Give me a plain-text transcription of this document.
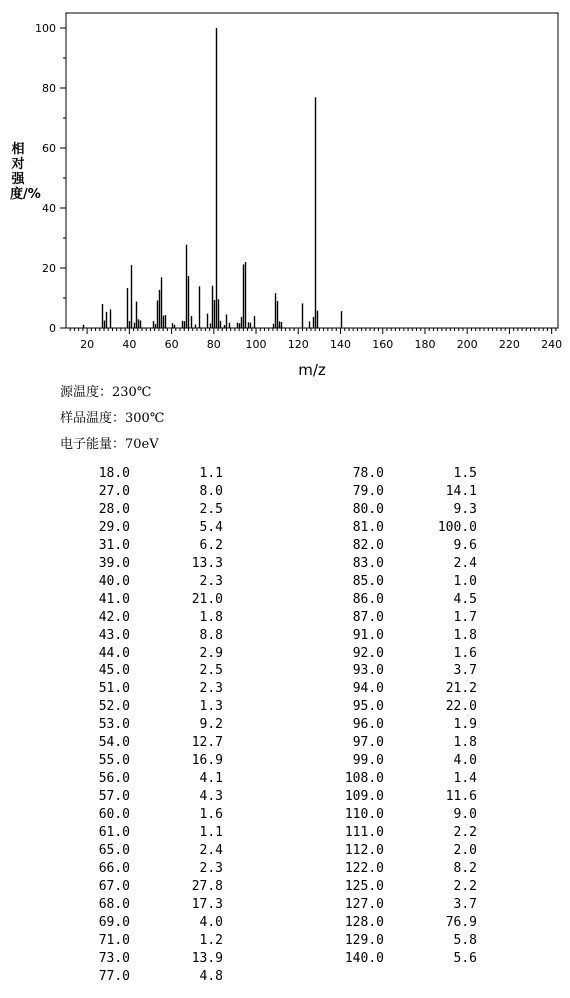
20	40	60	80 100 120 140 160 180 200 220 240
0
20
40
60
80
100
m/z
相对强度/%
源温度：230℃
样品温度：300℃
电子能量：70eV
18.0	1.1
27.0	8.0
28.0	2.5
29.0	5.4
31.0	6.2
39.0	13.3
40.0	2.3
41.0	21.0
42.0	1.8
43.0	8.8
44.0	2.9
45.0	2.5
51.0	2.3
52.0	1.3
53.0	9.2
54.0	12.7
55.0	16.9
56.0	4.1
57.0	4.3
60.0	1.6
61.0	1.1
65.0	2.4
66.0	2.3
67.0	27.8
68.0	17.3
69.0	4.0
71.0	1.2
73.0	13.9
77.0	4.8
78.0	1.5
79.0	14.1
80.0	9.3
81.0	100.0
82.0	9.6
83.0	2.4
85.0	1.0
86.0	4.5
87.0	1.7
91.0	1.8
92.0	1.6
93.0	3.7
94.0	21.2
95.0	22.0
96.0	1.9
97.0	1.8
99.0	4.0
108.0	1.4
109.0	11.6
110.0	9.0
111.0	2.2
112.0	2.0
122.0	8.2
125.0	2.2
127.0	3.7
128.0	76.9
129.0	5.8
140.0	5.6
